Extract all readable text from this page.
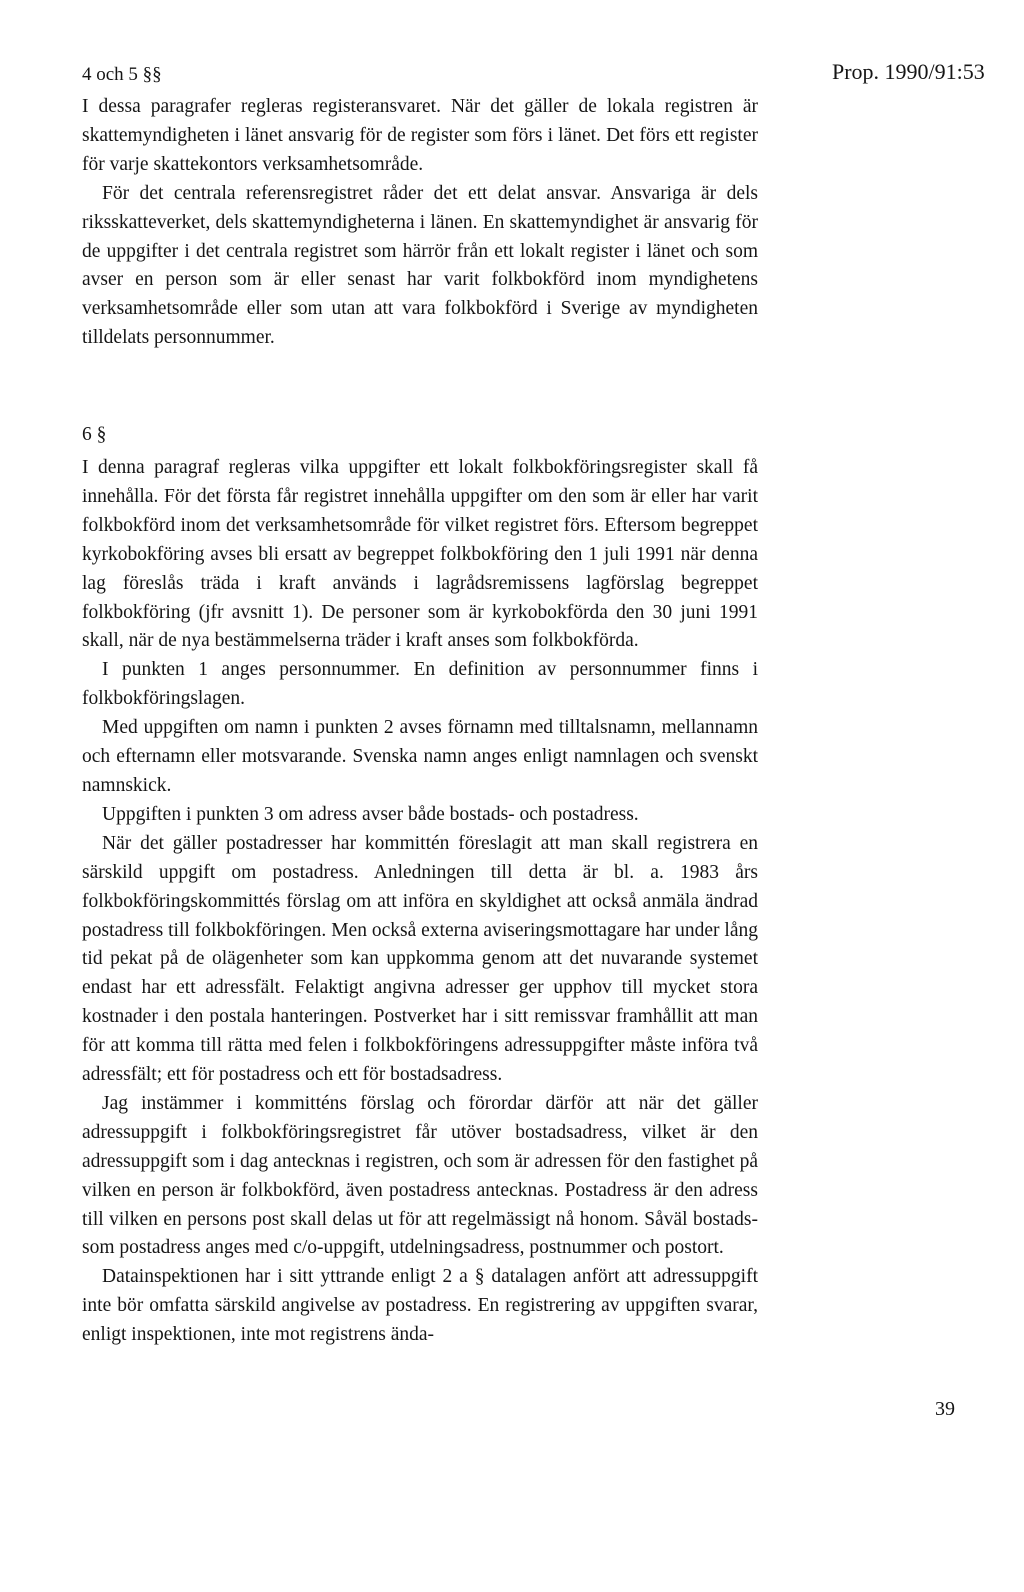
4 och 5 §§	Prop. 1990/91:53

I dessa paragrafer regleras registeransvaret. När det gäller de lokala registren är skattemyndigheten i länet ansvarig för de register som förs i länet. Det förs ett register för varje skattekontors verksamhetsområde.

För det centrala referensregistret råder det ett delat ansvar. Ansvariga är dels riksskatteverket, dels skattemyndigheterna i länen. En skattemyndighet är ansvarig för de uppgifter i det centrala registret som härrör från ett lokalt register i länet och som avser en person som är eller senast har varit folkbokförd inom myndighetens verksamhetsområde eller som utan att vara folkbokförd i Sverige av myndigheten tilldelats personnummer.

6 §

I denna paragraf regleras vilka uppgifter ett lokalt folkbokföringsregister skall få innehålla. För det första får registret innehålla uppgifter om den som är eller har varit folkbokförd inom det verksamhetsområde för vilket registret förs. Eftersom begreppet kyrkobokföring avses bli ersatt av begreppet folkbokföring den 1 juli 1991 när denna lag föreslås träda i kraft används i lagrådsremissens lagförslag begreppet folkbokföring (jfr avsnitt 1). De personer som är kyrkobokförda den 30 juni 1991 skall, när de nya bestämmelserna träder i kraft anses som folkbokförda.

I punkten 1 anges personnummer. En definition av personnummer finns i folkbokföringslagen.

Med uppgiften om namn i punkten 2 avses förnamn med tilltalsnamn, mellannamn och efternamn eller motsvarande. Svenska namn anges enligt namnlagen och svenskt namnskick.

Uppgiften i punkten 3 om adress avser både bostads- och postadress.

När det gäller postadresser har kommittén föreslagit att man skall registrera en särskild uppgift om postadress. Anledningen till detta är bl. a. 1983 års folkbokföringskommittés förslag om att införa en skyldighet att också anmäla ändrad postadress till folkbokföringen. Men också externa aviseringsmottagare har under lång tid pekat på de olägenheter som kan uppkomma genom att det nuvarande systemet endast har ett adressfält. Felaktigt angivna adresser ger upphov till mycket stora kostnader i den postala hanteringen. Postverket har i sitt remissvar framhållit att man för att komma till rätta med felen i folkbokföringens adressuppgifter måste införa två adressfält; ett för postadress och ett för bostadsadress.

Jag instämmer i kommitténs förslag och förordar därför att när det gäller adressuppgift i folkbokföringsregistret får utöver bostadsadress, vilket är den adressuppgift som i dag antecknas i registren, och som är adressen för den fastighet på vilken en person är folkbokförd, även postadress antecknas. Postadress är den adress till vilken en persons post skall delas ut för att regelmässigt nå honom. Såväl bostads- som postadress anges med c/o-uppgift, utdelningsadress, postnummer och postort.

Datainspektionen har i sitt yttrande enligt 2 a § datalagen anfört att adressuppgift inte bör omfatta särskild angivelse av postadress. En registrering av uppgiften svarar, enligt inspektionen, inte mot registrens ända-

39
